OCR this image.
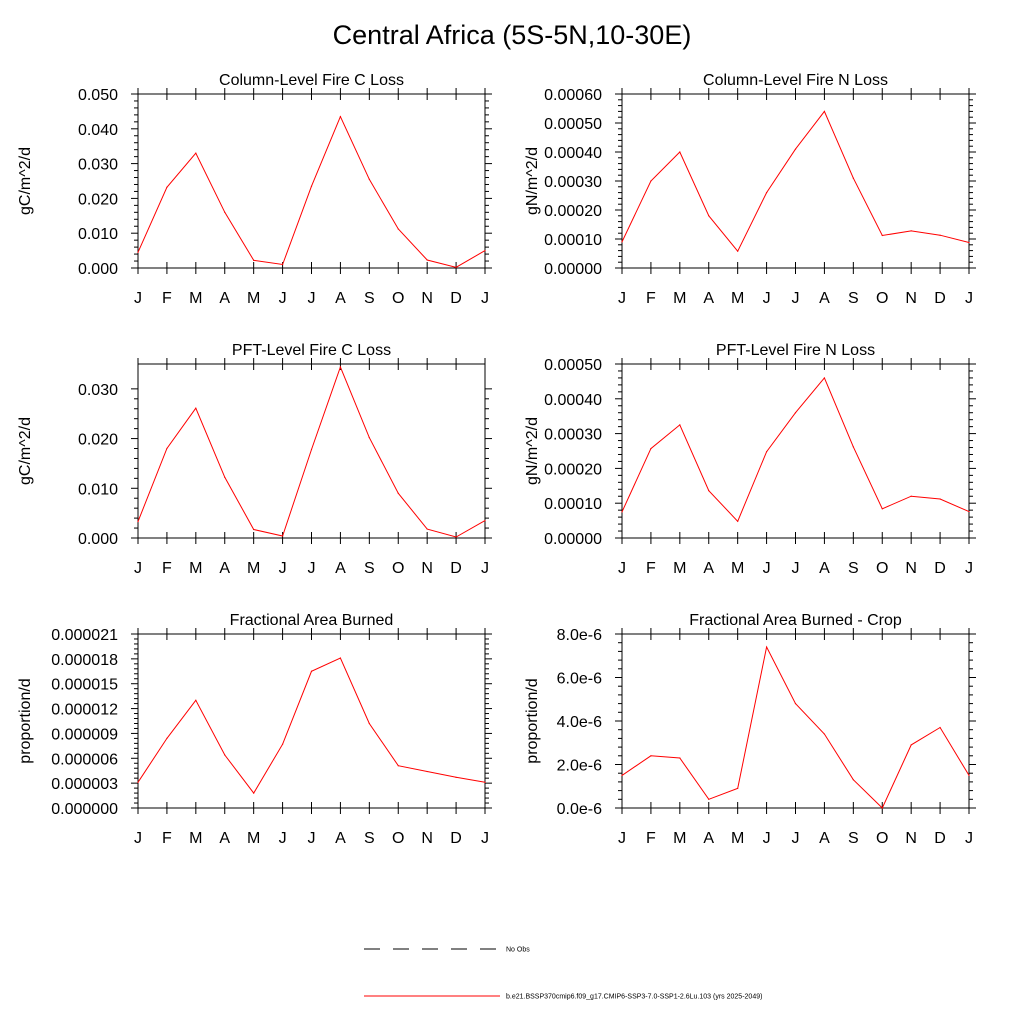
Central Africa (5S-5N,10-30E)
Column-Level Fire C Loss
gC/m^2/d
J F M A M J J A S O N D J
0.000
0.010
0.020
0.030
0.040
0.050
Column-Level Fire N Loss
gN/m^2/d
J F M A M J J A S O N D J
0.00000
0.00010
0.00020
0.00030
0.00040
0.00050
0.00060
PFT-Level Fire C Loss
gC/m^2/d
J F M A M J J A S O N D J
0.000
0.010
0.020
0.030
PFT-Level Fire N Loss
gN/m^2/d
J F M A M J J A S O N D J
0.00000
0.00010
0.00020
0.00030
0.00040
0.00050
Fractional Area Burned
proportion/d
J F M A M J J A S O N D J
0.000000
0.000003
0.000006
0.000009
0.000012
0.000015
0.000018
0.000021
Fractional Area Burned - Crop
proportion/d
J F M A M J J A S O N D J
0.0e-6
2.0e-6
4.0e-6
6.0e-6
8.0e-6
No Obs
b.e21.BSSP370cmip6.f09_g17.CMIP6-SSP3-7.0-SSP1-2.6Lu.103 (yrs 2025-2049)
